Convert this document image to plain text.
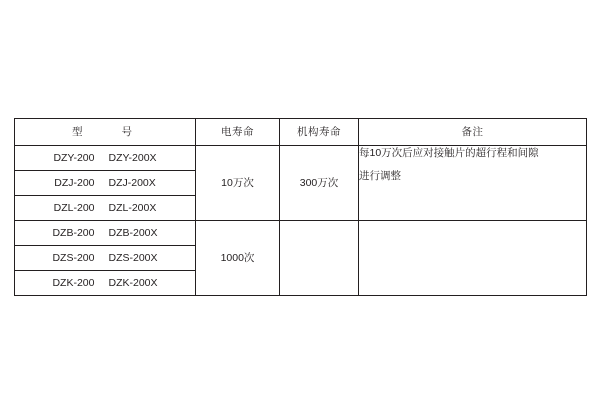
型　　号	电寿命	机构寿命	备注

DZY-200 DZY-200X	10万次	300万次	每10万次后应对接触片的超行程和间隙
进行调整

DZJ-200 DZJ-200X			

DZL-200 DZL-200X			

DZB-200 DZB-200X	1000次		

DZS-200 DZS-200X			

DZK-200 DZK-200X			
